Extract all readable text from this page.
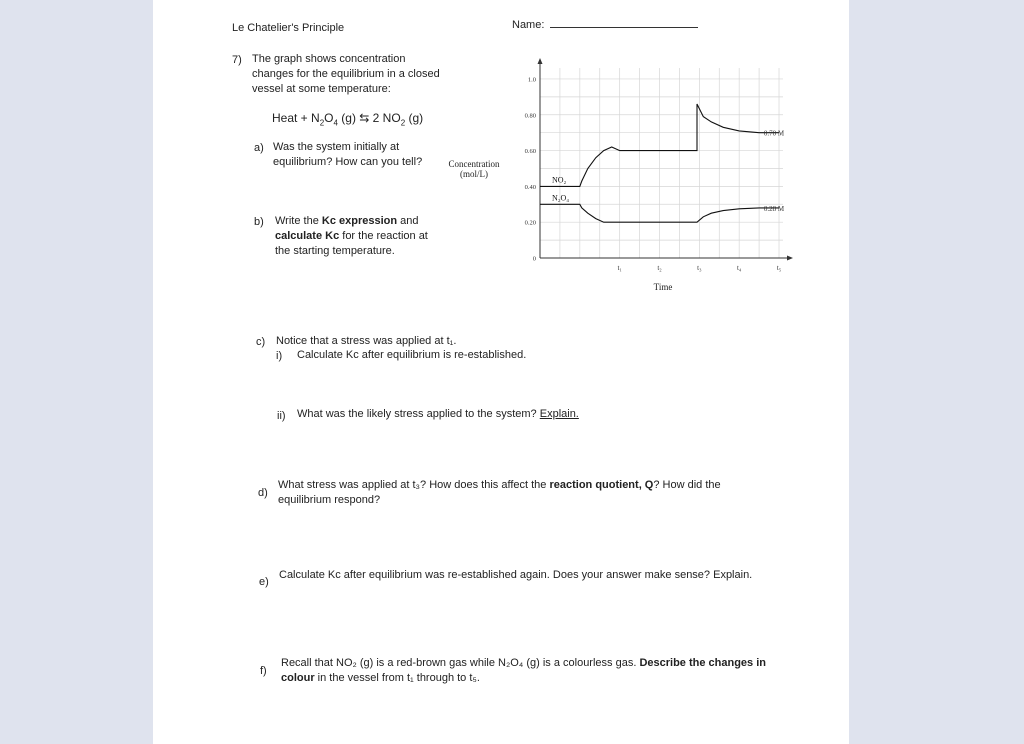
Le Chatelier's Principle	Name:
7) The graph shows concentration changes for the equilibrium in a closed vessel at some temperature:
Heat + $N_2O_4$ (g) ⇆ 2 $NO_2$ (g)
a) Was the system initially at equilibrium? How can you tell?
b) Write the Kc expression and calculate Kc for the reaction at the starting temperature.
0
0.20
0.40
0.60
0.80
1.0
t₁	t₂	t₃	t₄	t₅
NO₂
N₂O₄
0.70 M
0.28 M
Concentration
(mol/L)
Time
c) Notice that a stress was applied at t₁.
i) Calculate Kc after equilibrium is re-established.
ii) What was the likely stress applied to the system? Explain.
d)
What stress was applied at t₃? How does this affect the reaction quotient, Q? How did the equilibrium respond?
e)
Calculate Kc after equilibrium was re-established again. Does your answer make sense? Explain.
f)
Recall that NO₂ (g) is a red-brown gas while N₂O₄ (g) is a colourless gas. Describe the changes in colour in the vessel from t₁ through to t₅.
